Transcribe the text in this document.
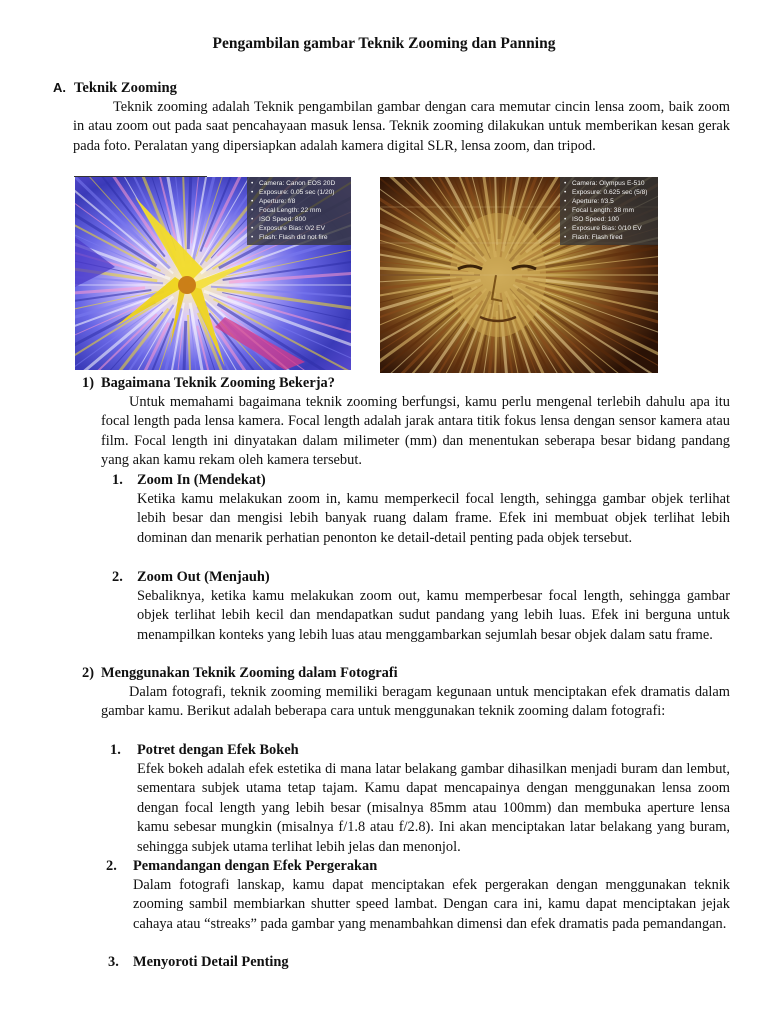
Pengambilan gambar Teknik Zooming dan Panning
A. Teknik Zooming
Teknik zooming adalah Teknik pengambilan gambar dengan cara memutar cincin lensa zoom, baik zoom in atau zoom out pada saat pencahayaan masuk lensa. Teknik zooming dilakukan untuk memberikan kesan gerak pada foto. Peralatan yang dipersiapkan adalah kamera digital SLR, lensa zoom, dan tripod.
• Camera: Canon EOS 20D
• Exposure: 0.05 sec (1/20)
• Aperture: f/8
• Focal Length: 22 mm
• ISO Speed: 800
• Exposure Bias: 0/2 EV
• Flash: Flash did not fire
• Camera: Olympus E-510
• Exposure: 0.625 sec (5/8)
• Aperture: f/3.5
• Focal Length: 38 mm
• ISO Speed: 100
• Exposure Bias: 0/10 EV
• Flash: Flash fired
1) Bagaimana Teknik Zooming Bekerja?
Untuk memahami bagaimana teknik zooming berfungsi, kamu perlu mengenal terlebih dahulu apa itu focal length pada lensa kamera. Focal length adalah jarak antara titik fokus lensa dengan sensor kamera atau film. Focal length ini dinyatakan dalam milimeter (mm) dan menentukan seberapa besar bidang pandang yang akan kamu rekam oleh kamera tersebut.
1. Zoom In (Mendekat)
Ketika kamu melakukan zoom in, kamu memperkecil focal length, sehingga gambar objek terlihat lebih besar dan mengisi lebih banyak ruang dalam frame. Efek ini membuat objek terlihat lebih dominan dan menarik perhatian penonton ke detail-detail penting pada objek tersebut.
2. Zoom Out (Menjauh)
Sebaliknya, ketika kamu melakukan zoom out, kamu memperbesar focal length, sehingga gambar objek terlihat lebih kecil dan mendapatkan sudut pandang yang lebih luas. Efek ini berguna untuk menampilkan konteks yang lebih luas atau menggambarkan sejumlah besar objek dalam satu frame.
2) Menggunakan Teknik Zooming dalam Fotografi
Dalam fotografi, teknik zooming memiliki beragam kegunaan untuk menciptakan efek dramatis dalam gambar kamu. Berikut adalah beberapa cara untuk menggunakan teknik zooming dalam fotografi:
1. Potret dengan Efek Bokeh
Efek bokeh adalah efek estetika di mana latar belakang gambar dihasilkan menjadi buram dan lembut, sementara subjek utama tetap tajam. Kamu dapat mencapainya dengan menggunakan lensa zoom dengan focal length yang lebih besar (misalnya 85mm atau 100mm) dan membuka aperture lensa kamu sebesar mungkin (misalnya f/1.8 atau f/2.8). Ini akan menciptakan latar belakang yang buram, sehingga subjek utama terlihat lebih jelas dan menonjol.
2. Pemandangan dengan Efek Pergerakan
Dalam fotografi lanskap, kamu dapat menciptakan efek pergerakan dengan menggunakan teknik zooming sambil membiarkan shutter speed lambat. Dengan cara ini, kamu dapat menciptakan jejak cahaya atau “streaks” pada gambar yang menambahkan dimensi dan efek dramatis pada pemandangan.
3. Menyoroti Detail Penting
